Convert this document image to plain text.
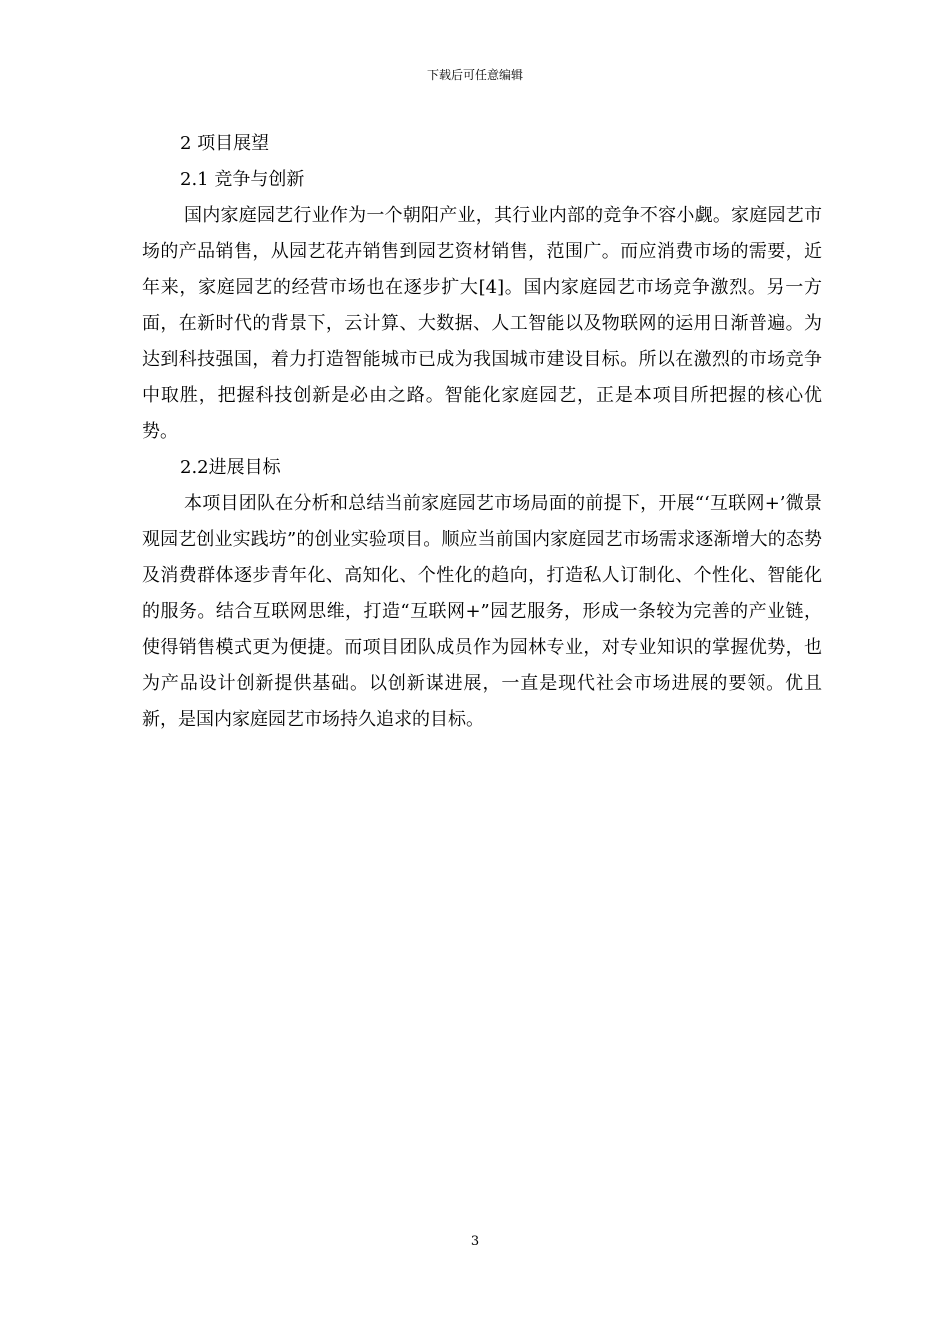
下载后可任意编辑
2 项目展望
2.1 竞争与创新

国内家庭园艺行业作为一个朝阳产业，其行业内部的竞争不容小觑。家庭园艺市场的产品销售，从园艺花卉销售到园艺资材销售，范围广。而应消费市场的需要，近年来，家庭园艺的经营市场也在逐步扩大[4]。国内家庭园艺市场竞争激烈。另一方面，在新时代的背景下，云计算、大数据、人工智能以及物联网的运用日渐普遍。为达到科技强国，着力打造智能城市已成为我国城市建设目标。所以在激烈的市场竞争中取胜，把握科技创新是必由之路。智能化家庭园艺，正是本项目所把握的核心优势。

2.2进展目标

本项目团队在分析和总结当前家庭园艺市场局面的前提下，开展“‘互联网+’微景观园艺创业实践坊”的创业实验项目。顺应当前国内家庭园艺市场需求逐渐增大的态势及消费群体逐步青年化、高知化、个性化的趋向，打造私人订制化、个性化、智能化的服务。结合互联网思维，打造“互联网+”园艺服务，形成一条较为完善的产业链，使得销售模式更为便捷。而项目团队成员作为园林专业，对专业知识的掌握优势，也为产品设计创新提供基础。以创新谋进展，一直是现代社会市场进展的要领。优且新，是国内家庭园艺市场持久追求的目标。

3
